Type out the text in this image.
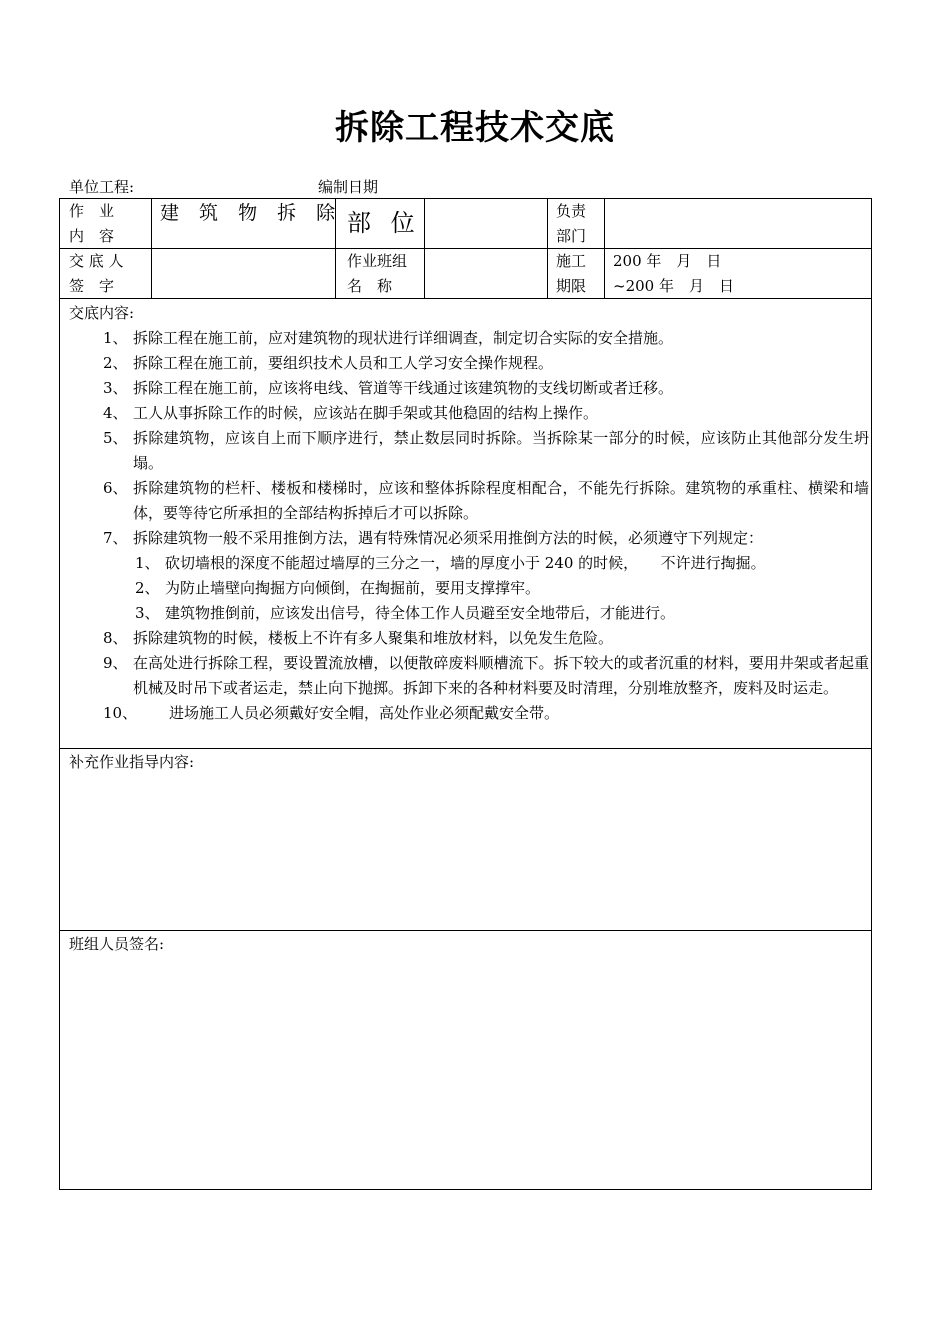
拆除工程技术交底
单位工程:	编制日期
作　业
内　容
建 筑 物 拆 除 部 位	负责
部门
交 底 人
签　字
作业班组
名　称
施工
期限
200 年　月　日
~200 年　月　日
交底内容:
1、 拆除工程在施工前，应对建筑物的现状进行详细调查，制定切合实际的安全措施。
2、 拆除工程在施工前，要组织技术人员和工人学习安全操作规程。
3、 拆除工程在施工前，应该将电线、管道等干线通过该建筑物的支线切断或者迁移。
4、 工人从事拆除工作的时候，应该站在脚手架或其他稳固的结构上操作。
5、 拆除建筑物，应该自上而下顺序进行，禁止数层同时拆除。当拆除某一部分的时候，应该防止其他部分发生坍塌。
6、 拆除建筑物的栏杆、楼板和楼梯时，应该和整体拆除程度相配合，不能先行拆除。建筑物的承重柱、横梁和墙体，要等待它所承担的全部结构拆掉后才可以拆除。
7、 拆除建筑物一般不采用推倒方法，遇有特殊情况必须采用推倒方法的时候，必须遵守下列规定：
1、 砍切墙根的深度不能超过墙厚的三分之一，墙的厚度小于 240 的时候，　　不许进行掏掘。
2、 为防止墙壁向掏掘方向倾倒，在掏掘前，要用支撑撑牢。
3、 建筑物推倒前，应该发出信号，待全体工作人员避至安全地带后，才能进行。
8、 拆除建筑物的时候，楼板上不许有多人聚集和堆放材料，以免发生危险。
9、 在高处进行拆除工程，要设置流放槽，以便散碎废料顺槽流下。拆下较大的或者沉重的材料，要用井架或者起重机械及时吊下或者运走，禁止向下抛掷。拆卸下来的各种材料要及时清理，分别堆放整齐，废料及时运走。
10、 进场施工人员必须戴好安全帽，高处作业必须配戴安全带。
补充作业指导内容:
班组人员签名:
